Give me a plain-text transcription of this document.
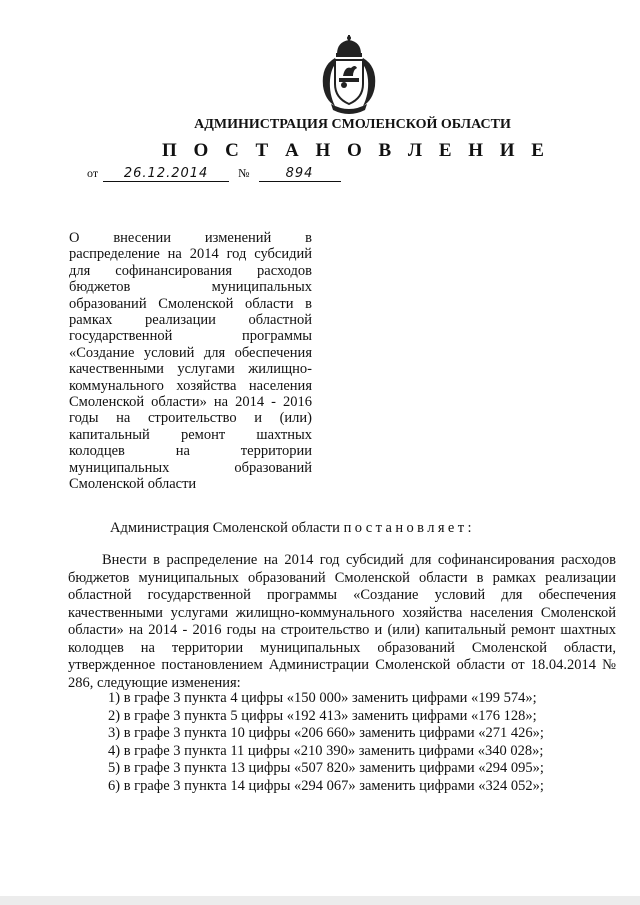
АДМИНИСТРАЦИЯ СМОЛЕНСКОЙ ОБЛАСТИ
П О С Т А Н О В Л Е Н И Е
от 26.12.2014 №	894

О внесении изменений в распределение на 2014 год субсидий для софинансирования расходов бюджетов муниципальных образований Смоленской области в рамках реализации областной государственной программы «Создание условий для обеспечения качественными услугами жилищно-коммунального хозяйства населения Смоленской области» на 2014 - 2016 годы на строительство и (или) капитальный ремонт шахтных колодцев на территории муниципальных образований Смоленской области

Администрация Смоленской области постановляет:

Внести в распределение на 2014 год субсидий для софинансирования расходов бюджетов муниципальных образований Смоленской области в рамках реализации областной государственной программы «Создание условий для обеспечения качественными услугами жилищно-коммунального хозяйства населения Смоленской области» на 2014 - 2016 годы на строительство и (или) капитальный ремонт шахтных колодцев на территории муниципальных образований Смоленской области, утвержденное постановлением Администрации Смоленской области от 18.04.2014 № 286, следующие изменения:

1) в графе 3 пункта 4 цифры «150 000» заменить цифрами «199 574»;
2) в графе 3 пункта 5 цифры «192 413» заменить цифрами «176 128»;
3) в графе 3 пункта 10 цифры «206 660» заменить цифрами «271 426»;
4) в графе 3 пункта 11 цифры «210 390» заменить цифрами «340 028»;
5) в графе 3 пункта 13 цифры «507 820» заменить цифрами «294 095»;
6) в графе 3 пункта 14 цифры «294 067» заменить цифрами «324 052»;
